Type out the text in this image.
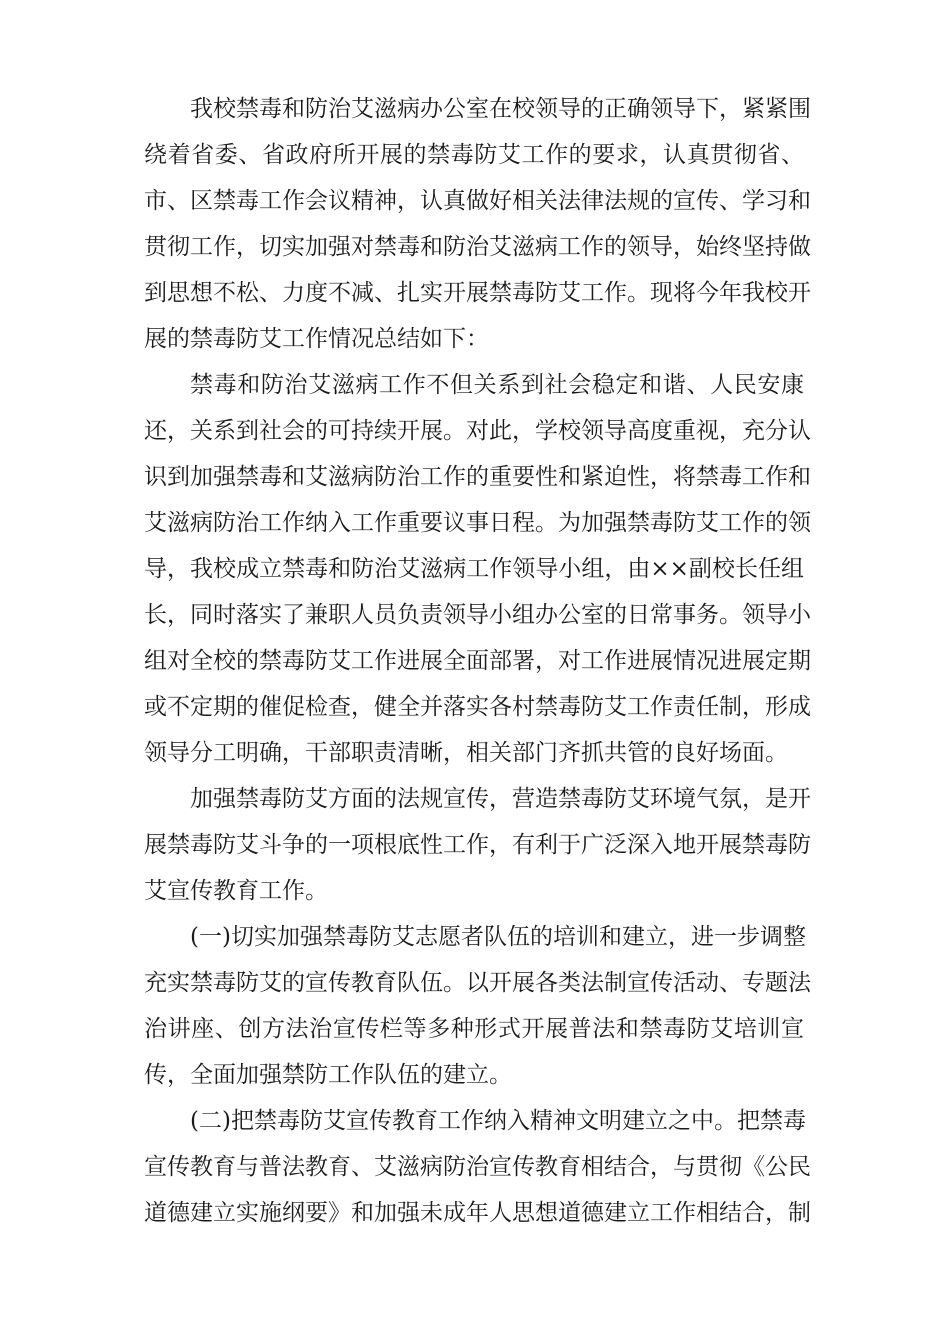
我校禁毒和防治艾滋病办公室在校领导的正确领导下，紧紧围
绕着省委、省政府所开展的禁毒防艾工作的要求，认真贯彻省、
市、区禁毒工作会议精神，认真做好相关法律法规的宣传、学习和
贯彻工作，切实加强对禁毒和防治艾滋病工作的领导，始终坚持做
到思想不松、力度不减、扎实开展禁毒防艾工作。现将今年我校开
展的禁毒防艾工作情况总结如下：
禁毒和防治艾滋病工作不但关系到社会稳定和谐、人民安康
还，关系到社会的可持续开展。对此，学校领导高度重视，充分认
识到加强禁毒和艾滋病防治工作的重要性和紧迫性，将禁毒工作和
艾滋病防治工作纳入工作重要议事日程。为加强禁毒防艾工作的领
导，我校成立禁毒和防治艾滋病工作领导小组，由××副校长任组
长，同时落实了兼职人员负责领导小组办公室的日常事务。领导小
组对全校的禁毒防艾工作进展全面部署，对工作进展情况进展定期
或不定期的催促检查，健全并落实各村禁毒防艾工作责任制，形成
领导分工明确，干部职责清晰，相关部门齐抓共管的良好场面。
加强禁毒防艾方面的法规宣传，营造禁毒防艾环境气氛，是开
展禁毒防艾斗争的一项根底性工作，有利于广泛深入地开展禁毒防
艾宣传教育工作。
(一)切实加强禁毒防艾志愿者队伍的培训和建立，进一步调整
充实禁毒防艾的宣传教育队伍。以开展各类法制宣传活动、专题法
治讲座、创方法治宣传栏等多种形式开展普法和禁毒防艾培训宣
传，全面加强禁防工作队伍的建立。
(二)把禁毒防艾宣传教育工作纳入精神文明建立之中。把禁毒
宣传教育与普法教育、艾滋病防治宣传教育相结合，与贯彻《公民
道德建立实施纲要》和加强未成年人思想道德建立工作相结合，制
